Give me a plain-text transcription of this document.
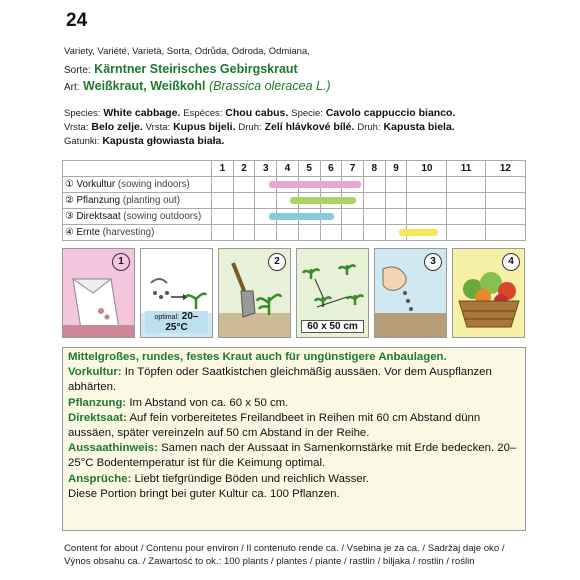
24
Variety, Variété, Varietà, Sorta, Odrůda, Odroda, Odmiana,
Sorte: Kärntner Steirisches Gebirgskraut
Art: Weißkraut, Weißkohl (Brassica oleracea L.)
Species: White cabbage. Espèces: Chou cabus. Specie: Cavolo cappuccio bianco.
Vrsta: Belo zelje. Vrsta: Kupus bijeli. Druh: Zelí hlávkové bílé. Druh: Kapusta biela.
Gatunki: Kapusta głowiasta biała.
	1	2	3	4	5	6	7	8	9	10	11	12
① Vorkultur (sowing indoors)			

② Pflanzung (planting out)				

③ Direktsaat (sowing outdoors)			

④ Ernte (harvesting)									

1
optimal: 20–25°C
2
60 x 50 cm
3	4

Mittelgroßes, rundes, festes Kraut auch für ungünstigere Anbaulagen.

Vorkultur: In Töpfen oder Saatkistchen gleichmäßig aussäen. Vor dem Auspflanzen abhärten.

Pflanzung: Im Abstand von ca. 60 x 50 cm.

Direktsaat: Auf fein vorbereitetes Freilandbeet in Reihen mit 60 cm Abstand dünn aussäen, später vereinzeln auf 50 cm Abstand in der Reihe.

Aussaathinweis: Samen nach der Aussaat in Samenkornstärke mit Erde bedecken. 20–25°C Bodentemperatur ist für die Keimung optimal.

Ansprüche: Liebt tiefgründige Böden und reichlich Wasser.

Diese Portion bringt bei guter Kultur ca. 100 Pflanzen.

Content for about / Contenu pour environ / Il contenuto rende ca. / Vsebina je za ca. / Sadržaj daje oko /
Výnos obsahu ca. / Zawartość to ok.: 100 plants / plantes / piante / rastlin / biljaka / rostlin / roślin
